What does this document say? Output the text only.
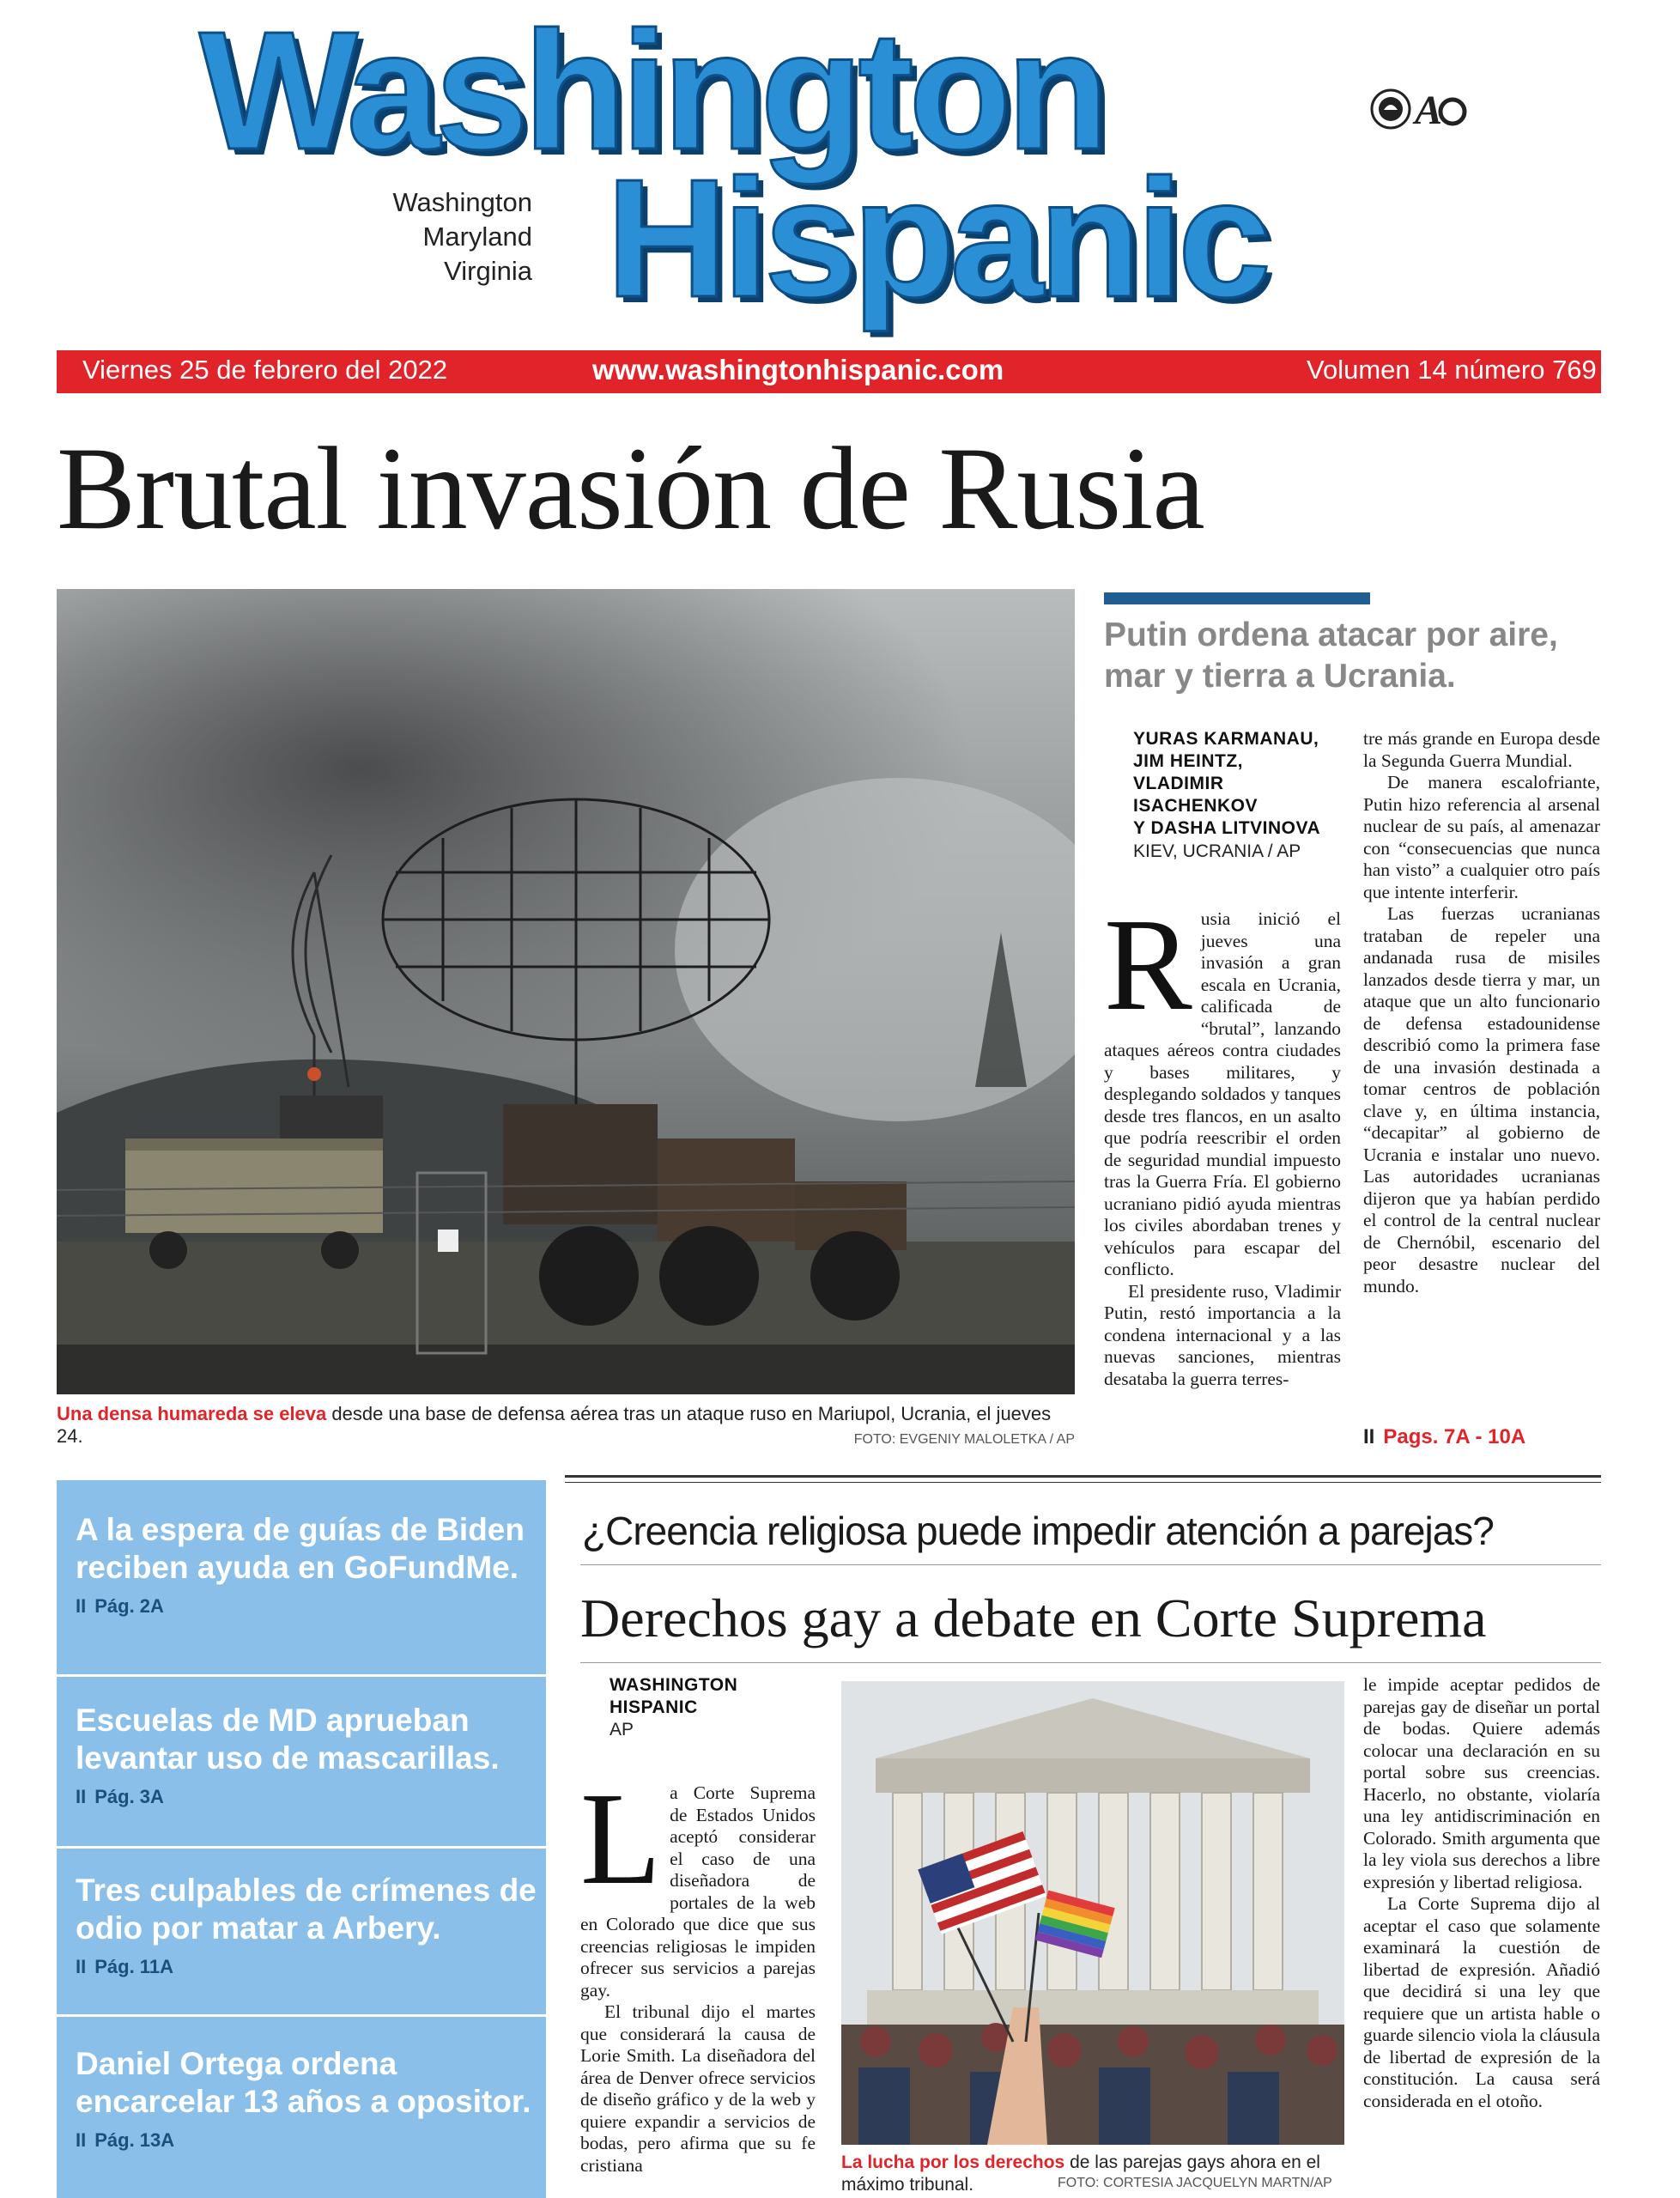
Washington
Hispanic
Washington
Maryland
Virginia
A
Viernes 25 de febrero del 2022	www.washingtonhispanic.com	Volumen 14 número 769
Brutal invasión de Rusia
Una densa humareda se eleva desde una base de defensa aérea tras un ataque ruso en Mariupol, Ucrania, el jueves 24.	FOTO: EVGENIY MALOLETKA / AP
Putin ordena atacar por aire, mar y tierra a Ucrania.
YURAS KARMANAU,
JIM HEINTZ,
VLADIMIR
ISACHENKOV
Y DASHA LITVINOVA
KIEV, UCRANIA / AP
R usia inició el jueves una invasión a gran escala en Ucrania, calificada de “brutal”, lanzando ataques aéreos contra ciudades y bases militares, y desplegando soldados y tanques desde tres flancos, en un asalto que podría reescribir el orden de seguridad mundial impuesto tras la Guerra Fría. El gobierno ucraniano pidió ayuda mientras los civiles abordaban trenes y vehículos para escapar del conflicto.

El presidente ruso, Vladimir Putin, restó importancia a la condena internacional y a las nuevas sanciones, mientras desataba la guerra terres-

tre más grande en Europa desde la Segunda Guerra Mundial.

De manera escalofriante, Putin hizo referencia al arsenal nuclear de su país, al amenazar con “consecuencias que nunca han visto” a cualquier otro país que intente interferir.

Las fuerzas ucranianas trataban de repeler una andanada rusa de misiles lanzados desde tierra y mar, un ataque que un alto funcionario de defensa estadounidense describió como la primera fase de una invasión destinada a tomar centros de población clave y, en última instancia, “decapitar” al gobierno de Ucrania e instalar uno nuevo. Las autoridades ucranianas dijeron que ya habían perdido el control de la central nuclear de Chernóbil, escenario del peor desastre nuclear del mundo.

II Pags. 7A - 10A
A la espera de guías de Biden reciben ayuda en GoFundMe.
II Pág. 2A
Escuelas de MD aprueban levantar uso de mascarillas.
II Pág. 3A
Tres culpables de crímenes de odio por matar a Arbery.
II Pág. 11A
Daniel Ortega ordena encarcelar 13 años a opositor.
II Pág. 13A
¿Creencia religiosa puede impedir atención a parejas?
Derechos gay a debate en Corte Suprema
WASHINGTON
HISPANIC
AP
L a Corte Suprema de Estados Unidos aceptó considerar el caso de una diseñadora de portales de la web en Colorado que dice que sus creencias religiosas le impiden ofrecer sus servicios a parejas gay.

El tribunal dijo el martes que considerará la causa de Lorie Smith. La diseñadora del área de Denver ofrece servicios de diseño gráfico y de la web y quiere expandir a servicios de bodas, pero afirma que su fe cristiana

le impide aceptar pedidos de parejas gay de diseñar un portal de bodas. Quiere además colocar una declaración en su portal sobre sus creencias. Hacerlo, no obstante, violaría una ley antidiscriminación en Colorado. Smith argumenta que la ley viola sus derechos a libre expresión y libertad religiosa.

La Corte Suprema dijo al aceptar el caso que solamente examinará la cuestión de libertad de expresión. Añadió que decidirá si una ley que requiere que un artista hable o guarde silencio viola la cláusula de libertad de expresión de la constitución. La causa será considerada en el otoño.

La lucha por los derechos de las parejas gays ahora en el máximo tribunal.	FOTO: CORTESIA JACQUELYN MARTN/AP
